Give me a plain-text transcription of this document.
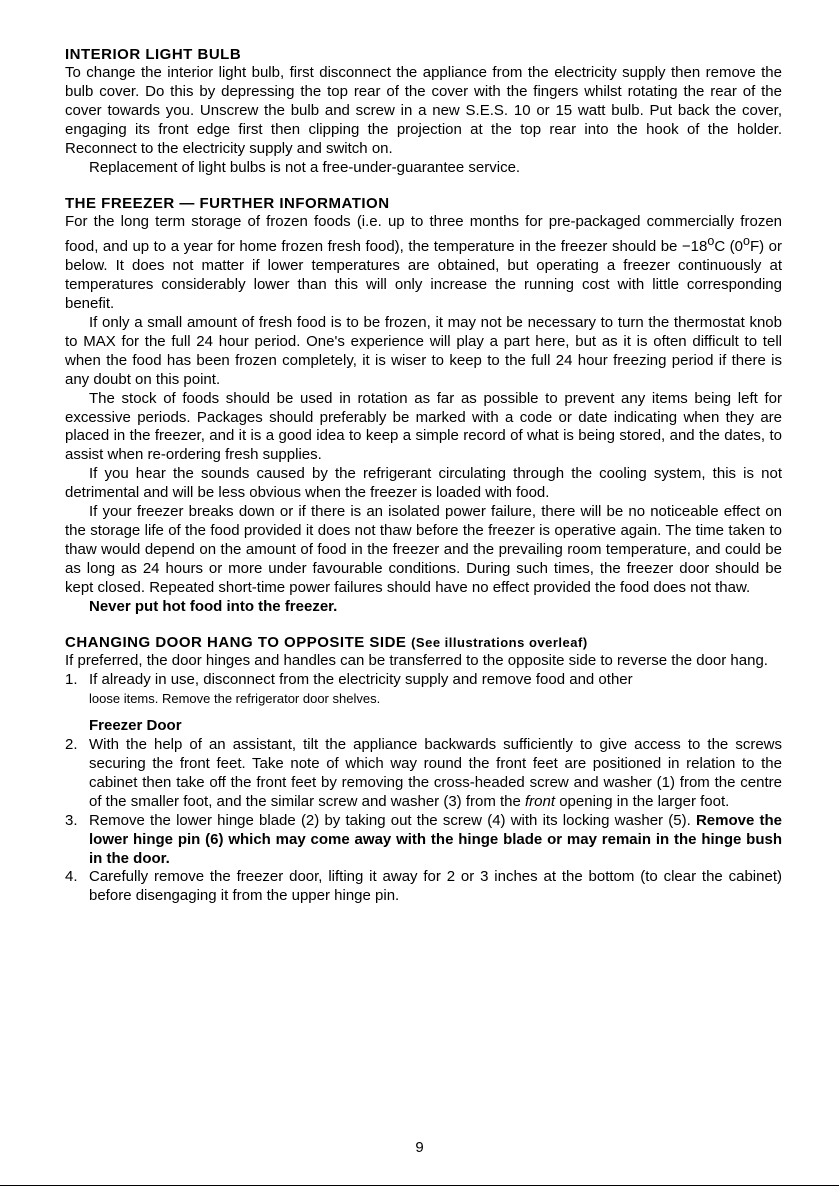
INTERIOR LIGHT BULB

To change the interior light bulb, first disconnect the appliance from the electricity supply then remove the bulb cover. Do this by depressing the top rear of the cover with the fingers whilst rotating the rear of the cover towards you. Unscrew the bulb and screw in a new S.E.S. 10 or 15 watt bulb. Put back the cover, engaging its front edge first then clipping the projection at the top rear into the hook of the holder. Reconnect to the electricity supply and switch on.

Replacement of light bulbs is not a free-under-guarantee service.

THE FREEZER — FURTHER INFORMATION

For the long term storage of frozen foods (i.e. up to three months for pre-packaged commercially frozen food, and up to a year for home frozen fresh food), the temperature in the freezer should be $-18^oC$ (0$^o$F) or below. It does not matter if lower temperatures are obtained, but operating a freezer continuously at temperatures considerably lower than this will only increase the running cost with little corresponding benefit.

If only a small amount of fresh food is to be frozen, it may not be necessary to turn the thermostat knob to MAX for the full 24 hour period. One's experience will play a part here, but as it is often difficult to tell when the food has been frozen completely, it is wiser to keep to the full 24 hour freezing period if there is any doubt on this point.

The stock of foods should be used in rotation as far as possible to prevent any items being left for excessive periods. Packages should preferably be marked with a code or date indicating when they are placed in the freezer, and it is a good idea to keep a simple record of what is being stored, and the dates, to assist when re-ordering fresh supplies.

If you hear the sounds caused by the refrigerant circulating through the cooling system, this is not detrimental and will be less obvious when the freezer is loaded with food.

If your freezer breaks down or if there is an isolated power failure, there will be no noticeable effect on the storage life of the food provided it does not thaw before the freezer is operative again. The time taken to thaw would depend on the amount of food in the freezer and the prevailing room temperature, and could be as long as 24 hours or more under favourable conditions. During such times, the freezer door should be kept closed. Repeated short-time power failures should have no effect provided the food does not thaw.

Never put hot food into the freezer.

CHANGING DOOR HANG TO OPPOSITE SIDE (See illustrations overleaf)

If preferred, the door hinges and handles can be transferred to the opposite side to reverse the door hang.

1. If already in use, disconnect from the electricity supply and remove food and other
loose items. Remove the refrigerator door shelves.
Freezer Door
2. With the help of an assistant, tilt the appliance backwards sufficiently to give access to the screws securing the front feet. Take note of which way round the front feet are positioned in relation to the cabinet then take off the front feet by removing the cross-headed screw and washer (1) from the centre of the smaller foot, and the similar screw and washer (3) from the front opening in the larger foot.
3. Remove the lower hinge blade (2) by taking out the screw (4) with its locking washer (5). Remove the lower hinge pin (6) which may come away with the hinge blade or may remain in the hinge bush in the door.
4. Carefully remove the freezer door, lifting it away for 2 or 3 inches at the bottom (to clear the cabinet) before disengaging it from the upper hinge pin.
9
